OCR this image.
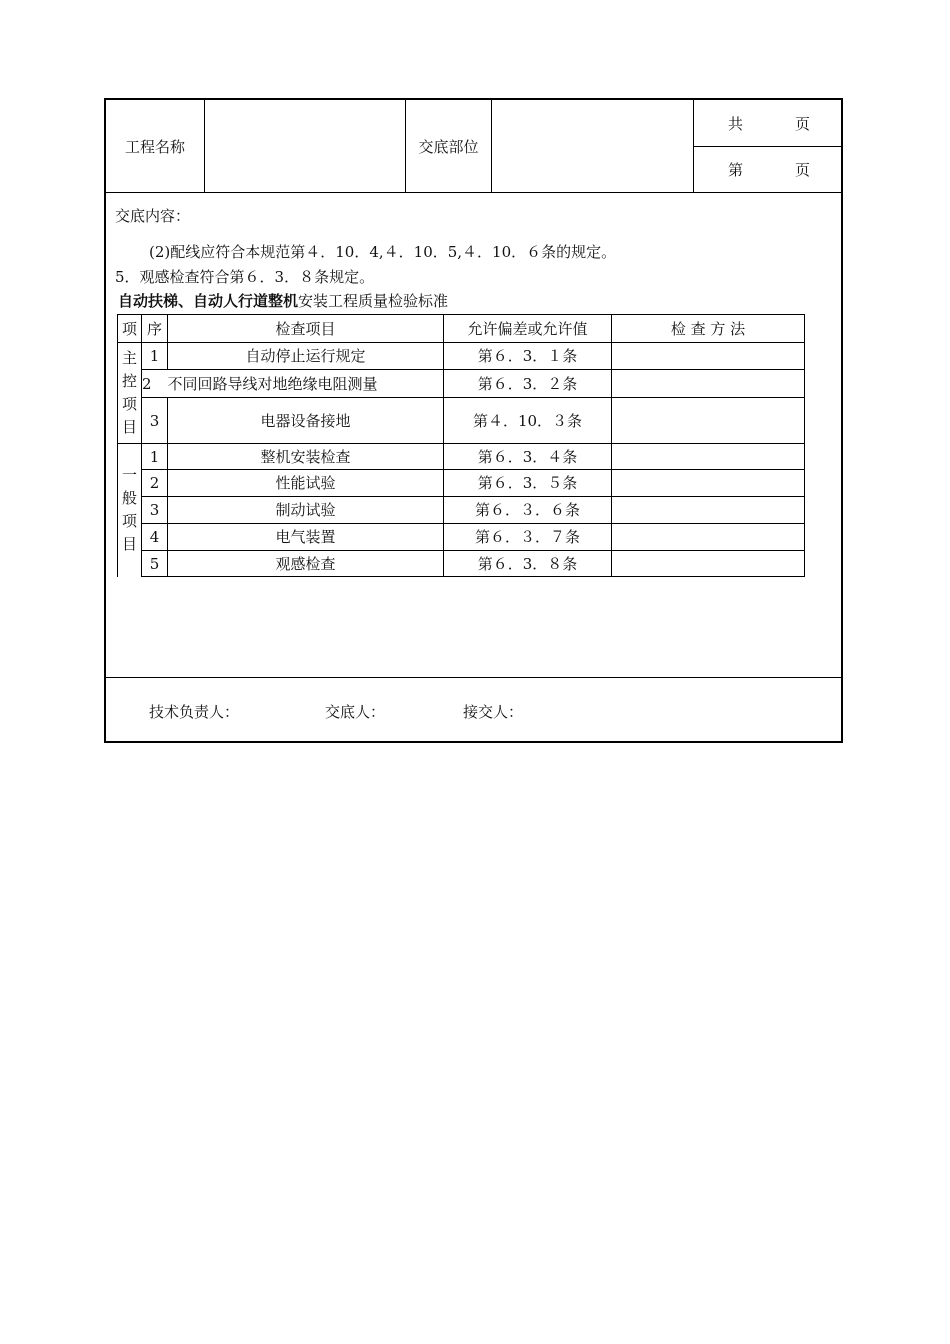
工程名称	交底部位
共	页
第	页
交底内容：
(2)配线应符合本规范第４．10．4,４．10．5,４．10．６条的规定。
5．观感检查符合第６．3．８条规定。
自动扶梯、自动人行道整机安装工程质量检验标准
项	序	检查项目	允许偏差或允许值	检 查 方 法

主
控
项
目	1	自动停止运行规定	第６．3．１条	
	2	不同回路导线对地绝缘电阻测量	第６．3．２条	
	3	电器设备接地	第４．10．３条	

一
般
项
目	1	整机安装检查	第６．3．４条	
	2	性能试验	第６．3．５条	
	3	制动试验	第６．３．６条	
	4	电气装置	第６．３．７条	
	5	观感检查	第６．3．８条	
技术负责人：	交底人：	接交人：
